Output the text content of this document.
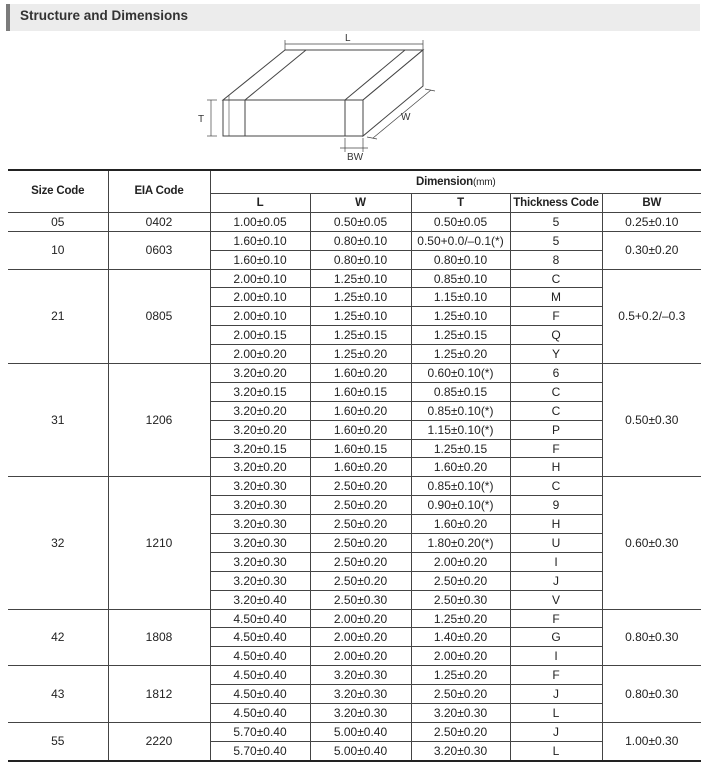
Structure and Dimensions
L
T	W
BW
Size Code	EIA Code	Dimension(mm)				
		L	W	T	Thickness Code	BW
05	0402	1.00±0.05	0.50±0.05	0.50±0.05	5	0.25±0.10
10	0603	1.60±0.10	0.80±0.10	0.50+0.0/–0.1(*)	5	0.30±0.20
		1.60±0.10	0.80±0.10	0.80±0.10	8	
21	0805	2.00±0.10	1.25±0.10	0.85±0.10	C	0.5+0.2/–0.3
		2.00±0.10	1.25±0.10	1.15±0.10	M	
		2.00±0.10	1.25±0.10	1.25±0.10	F	
		2.00±0.15	1.25±0.15	1.25±0.15	Q	
		2.00±0.20	1.25±0.20	1.25±0.20	Y	
31	1206	3.20±0.20	1.60±0.20	0.60±0.10(*)	6	0.50±0.30
		3.20±0.15	1.60±0.15	0.85±0.15	C	
		3.20±0.20	1.60±0.20	0.85±0.10(*)	C	
		3.20±0.20	1.60±0.20	1.15±0.10(*)	P	
		3.20±0.15	1.60±0.15	1.25±0.15	F	
		3.20±0.20	1.60±0.20	1.60±0.20	H	
32	1210	3.20±0.30	2.50±0.20	0.85±0.10(*)	C	0.60±0.30
		3.20±0.30	2.50±0.20	0.90±0.10(*)	9	
		3.20±0.30	2.50±0.20	1.60±0.20	H	
		3.20±0.30	2.50±0.20	1.80±0.20(*)	U	
		3.20±0.30	2.50±0.20	2.00±0.20	I	
		3.20±0.30	2.50±0.20	2.50±0.20	J	
		3.20±0.40	2.50±0.30	2.50±0.30	V	
42	1808	4.50±0.40	2.00±0.20	1.25±0.20	F	0.80±0.30
		4.50±0.40	2.00±0.20	1.40±0.20	G	
		4.50±0.40	2.00±0.20	2.00±0.20	I	
43	1812	4.50±0.40	3.20±0.30	1.25±0.20	F	0.80±0.30
		4.50±0.40	3.20±0.30	2.50±0.20	J	
		4.50±0.40	3.20±0.30	3.20±0.30	L	
55	2220	5.70±0.40	5.00±0.40	2.50±0.20	J	1.00±0.30
		5.70±0.40	5.00±0.40	3.20±0.30	L	
